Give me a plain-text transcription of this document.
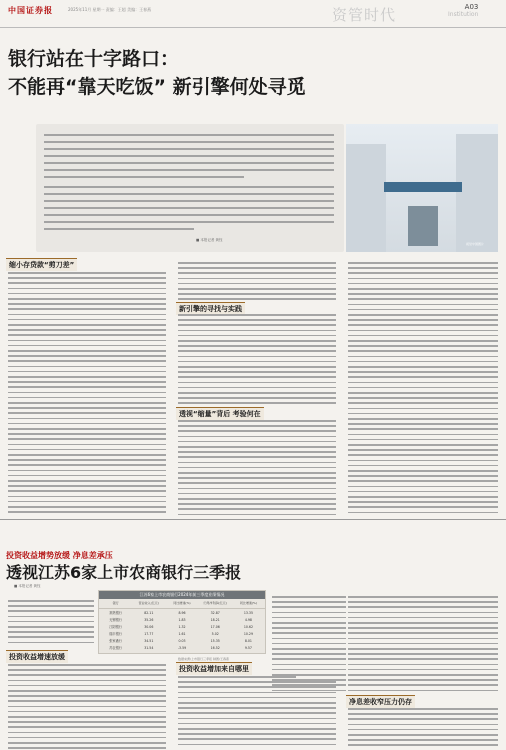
中国证券报	2025年11月 星期一 责编：王超 美编：王春燕	资管时代	A03
Institution
银行站在十字路口：
不能再“靠天吃饭” 新引擎何处寻觅
■ 本报记者 黄钰
视觉中国图片
缩小存贷款“剪刀差”
新引擎的寻找与实践
透视“缩量”背后 考验何在
投资收益增势放缓 净息差承压
透视江苏6家上市农商银行三季报
■ 本报记者 黄钰
投资收益增速放缓
投资收益增加来自哪里
净息差收窄压力仍存
江苏6家上市农商银行2024年前三季度业绩情况
银行	营业收入(亿元)	同比增速(%)	归母净利润(亿元)	同比增速(%)
常熟银行	82.11	8.96	32.87	13.35
无锡银行	35.26	1.83	18.21	4.98
江阴银行	30.06	1.32	17.06	10.62
瑞丰银行	17.77	1.61	5.02	10.29
张家港行	34.51	0.03	15.35	8.01
苏农银行	31.54	-3.59	16.52	9.57
数据来源/上市银行三季报 制图/王春燕
